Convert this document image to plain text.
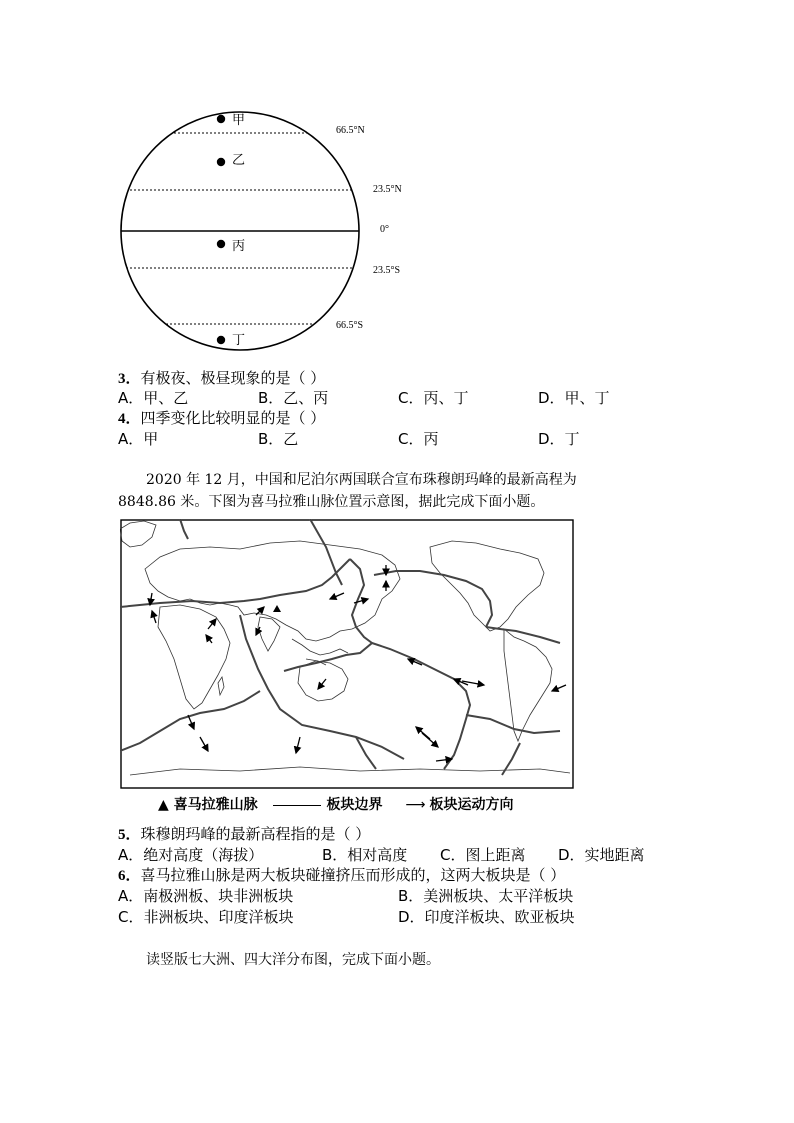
66.5°N
23.5°N
0°
23.5°S
66.5°S
甲
乙
丙
丁
3．有极夜、极昼现象的是（ ）
A．甲、乙	B．乙、丙	C．丙、丁	D．甲、丁
4．四季变化比较明显的是（ ）
A．甲	B．乙	C．丙	D．丁
2020 年 12 月，中国和尼泊尔两国联合宣布珠穆朗玛峰的最新高程为
8848.86 米。下图为喜马拉雅山脉位置示意图，据此完成下面小题。
▲ 喜马拉雅山脉	板块边界 ⟶ 板块运动方向
5．珠穆朗玛峰的最新高程指的是（ ）
A．绝对高度（海拔）	B．相对高度 C．图上距离 D．实地距离
6．喜马拉雅山脉是两大板块碰撞挤压而形成的，这两大板块是（ ）
A．南极洲板、块非洲板块	B．美洲板块、太平洋板块
C．非洲板块、印度洋板块	D．印度洋板块、欧亚板块
读竖版七大洲、四大洋分布图，完成下面小题。
